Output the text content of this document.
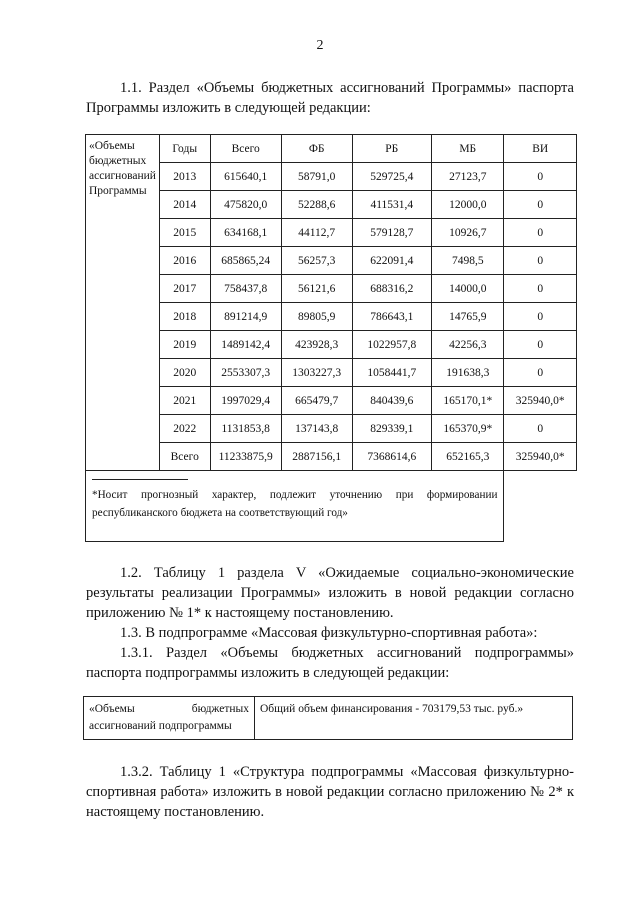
2
1.1. Раздел «Объемы бюджетных ассигнований Программы» паспорта Программы изложить в следующей редакции:
«Объемы бюджетных ассигнований Программы	Годы	Всего	ФБ	РБ	МБ	ВИ
	2013	615640,1	58791,0	529725,4	27123,7	0
	2014	475820,0	52288,6	411531,4	12000,0	0
	2015	634168,1	44112,7	579128,7	10926,7	0
	2016	685865,24	56257,3	622091,4	7498,5	0
	2017	758437,8	56121,6	688316,2	14000,0	0
	2018	891214,9	89805,9	786643,1	14765,9	0
	2019	1489142,4	423928,3	1022957,8	42256,3	0
	2020	2553307,3	1303227,3	1058441,7	191638,3	0
	2021	1997029,4	665479,7	840439,6	165170,1*	325940,0*
	2022	1131853,8	137143,8	829339,1	165370,9*	0
	Всего	11233875,9	2887156,1	7368614,6	652165,3	325940,0*

*Носит прогнозный характер, подлежит уточнению при формировании республиканского бюджета на соответствующий год»						
1.2. Таблицу 1 раздела V «Ожидаемые социально-экономические результаты реализации Программы» изложить в новой редакции согласно приложению № 1* к настоящему постановлению.
1.3. В подпрограмме «Массовая физкультурно-спортивная работа»:
1.3.1. Раздел «Объемы бюджетных ассигнований подпрограммы» паспорта подпрограммы изложить в следующей редакции:
«Объемы бюджетных ассигнований подпрограммы	Общий объем финансирования - 703179,53 тыс. руб.»
1.3.2. Таблицу 1 «Структура подпрограммы «Массовая физкультурно-спортивная работа» изложить в новой редакции согласно приложению № 2* к настоящему постановлению.
